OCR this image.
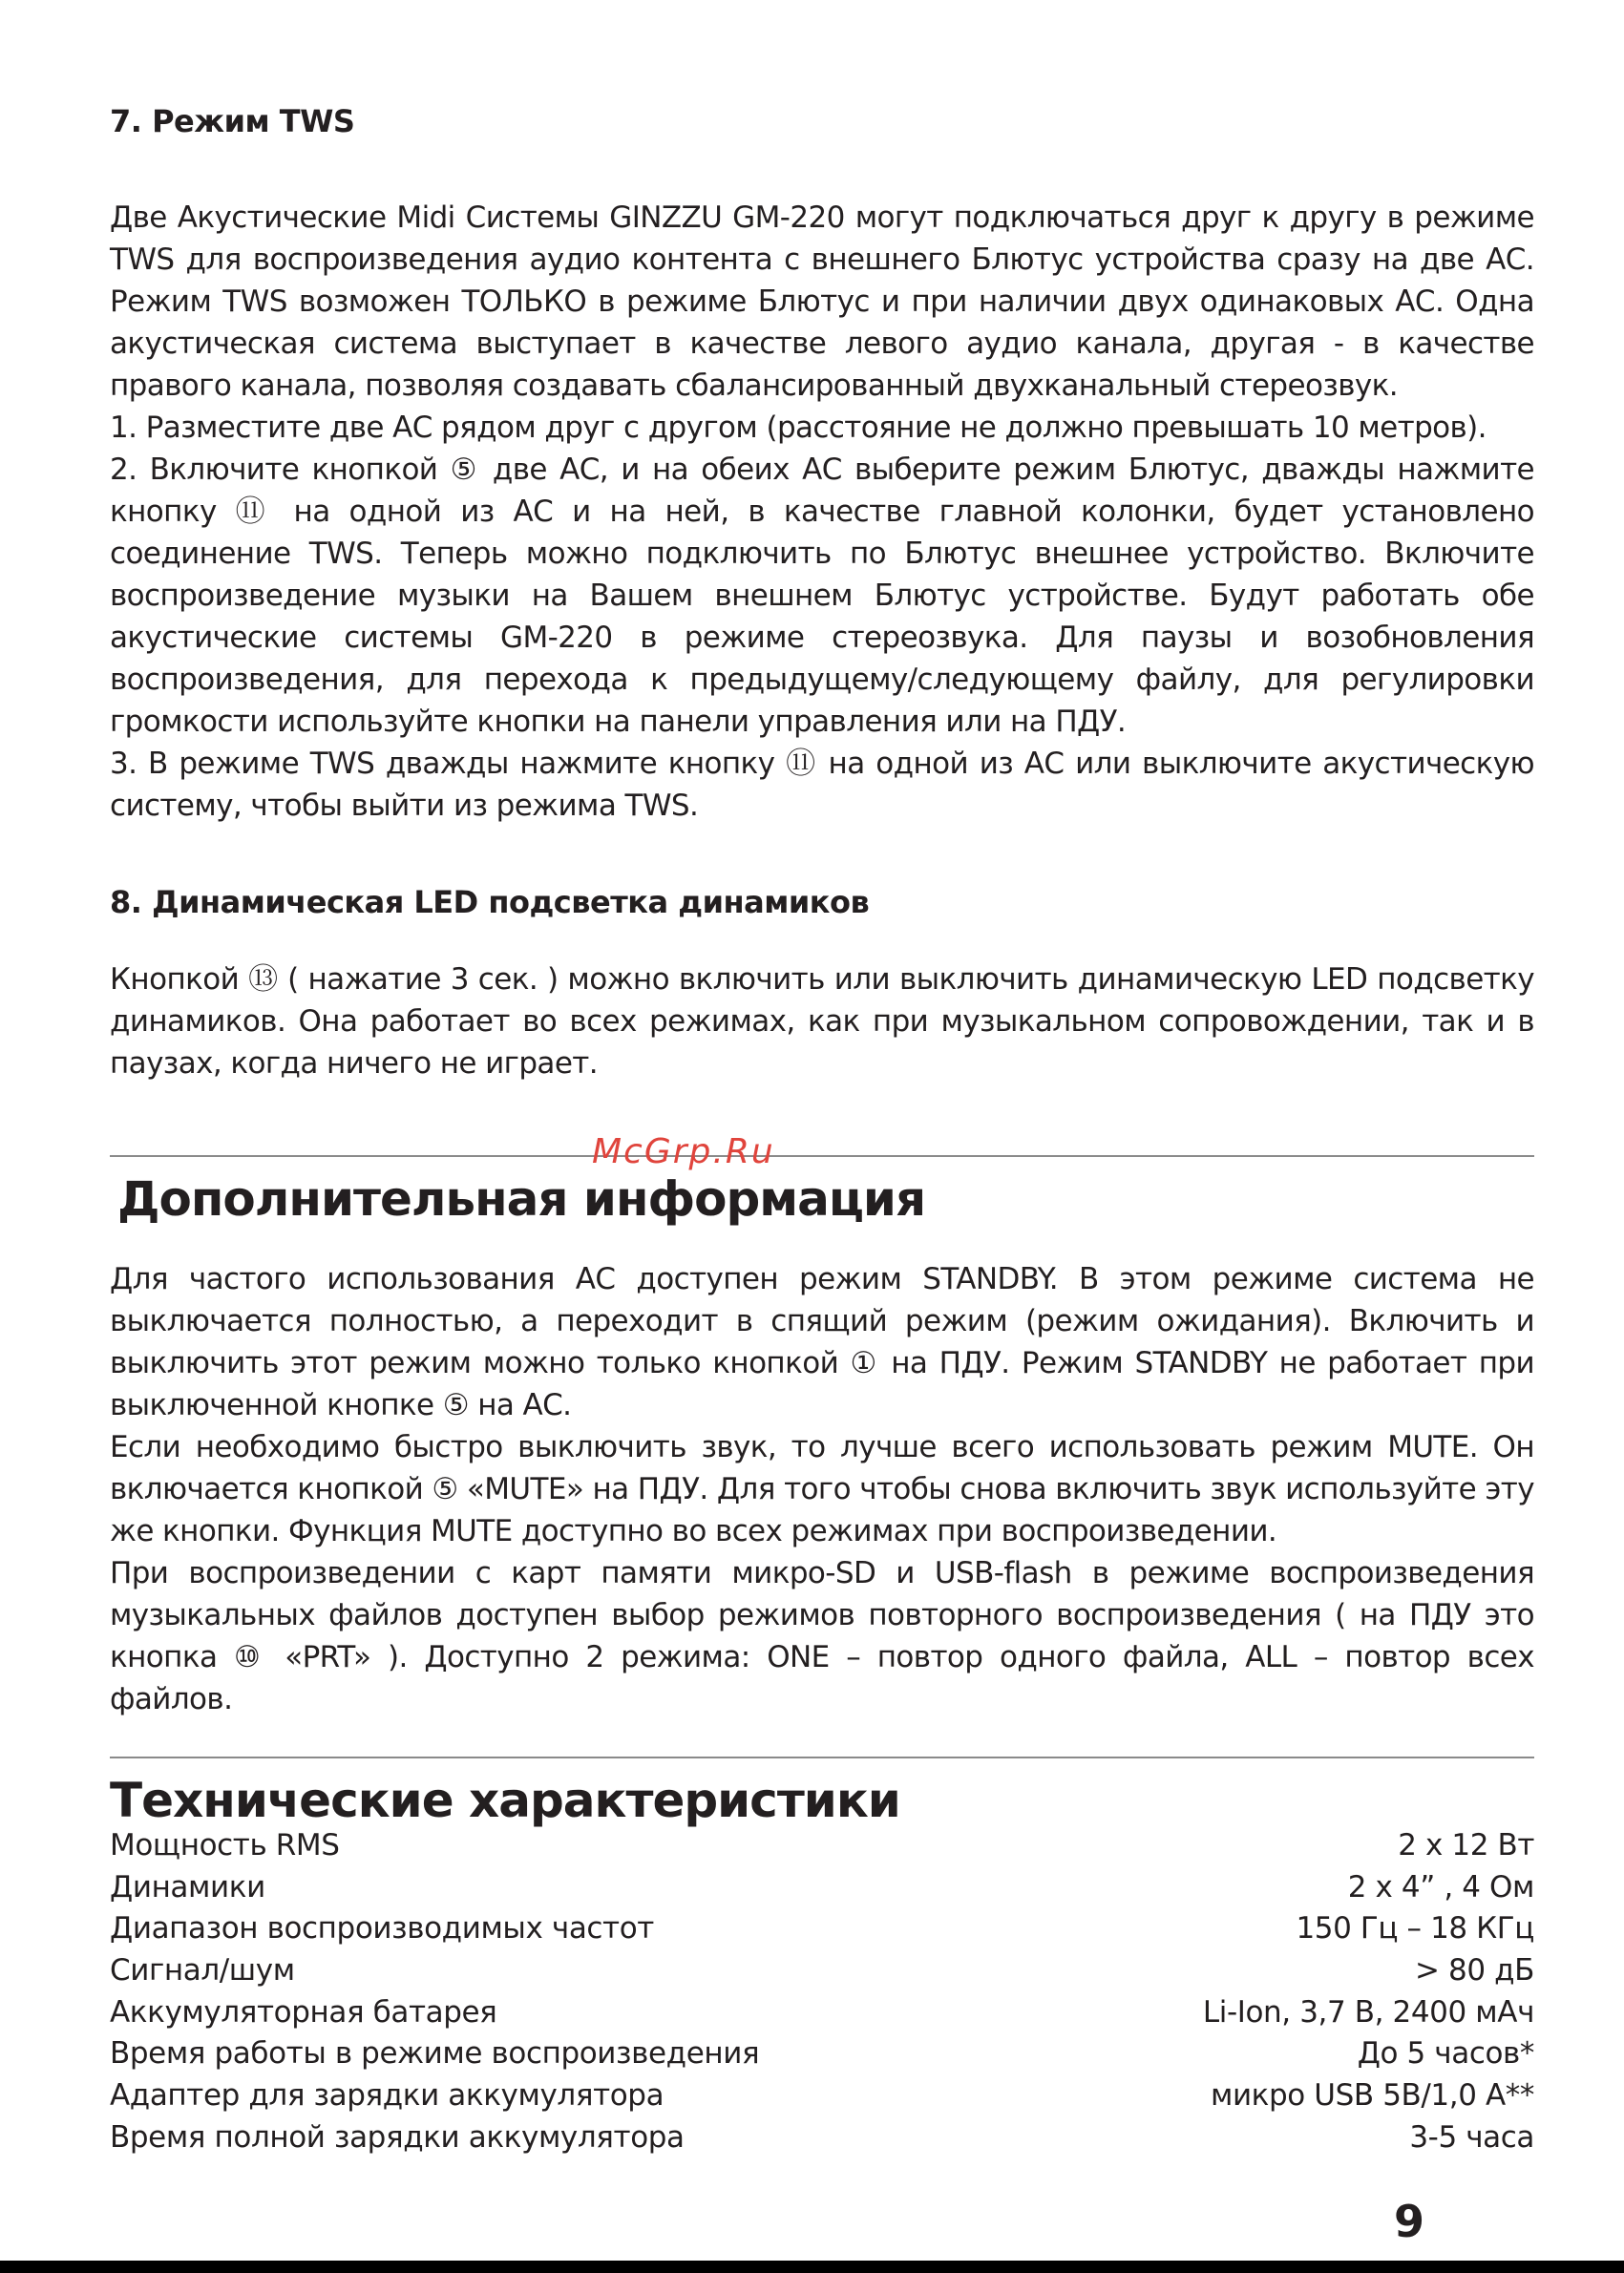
7. Режим TWS

Две Акустические Midi Системы GINZZU GM-220 могут подключаться друг к другу в режиме TWS для воспроизведения аудио контента с внешнего Блютус устройства сразу на две АС. Режим TWS возможен ТОЛЬКО в режиме Блютус и при наличии двух одинаковых АС. Одна акустическая система выступает в качестве левого аудио канала, другая - в качестве правого канала, позволяя создавать сбалансированный двухканальный стереозвук.

1. Разместите две АС рядом друг с другом (расстояние не должно превышать 10 метров).

2. Включите кнопкой ⑤ две АС, и на обеих АС выберите режим Блютус, дважды нажмите кнопку ⑪ на одной из АС и на ней, в качестве главной колонки, будет установлено соединение TWS. Теперь можно подключить по Блютус внешнее устройство. Включите воспроизведение музыки на Вашем внешнем Блютус устройстве. Будут работать обе акустические системы GM-220 в режиме стереозвука. Для паузы и возобновления воспроизведения, для перехода к предыдущему/следующему файлу, для регулировки громкости используйте кнопки на панели управления или на ПДУ.

3. В режиме TWS дважды нажмите кнопку ⑪ на одной из АС или выключите акустическую систему, чтобы выйти из режима TWS.

8. Динамическая LED подсветка динамиков

Кнопкой ⑬ ( нажатие 3 сек. ) можно включить или выключить динамическую LED подсветку динамиков. Она работает во всех режимах, как при музыкальном сопровождении, так и в паузах, когда ничего не играет.

Дополнительная информация

Для частого использования АС доступен режим STANDBY. В этом режиме система не выключается полностью, а переходит в спящий режим (режим ожидания). Включить и выключить этот режим можно только кнопкой ① на ПДУ. Режим STANDBY не работает при выключенной кнопке ⑤ на АС.

Если необходимо быстро выключить звук, то лучше всего использовать режим MUTE. Он включается кнопкой ⑤ «MUTE» на ПДУ. Для того чтобы снова включить звук используйте эту же кнопки. Функция MUTE доступно во всех режимах при воспроизведении.

При воспроизведении с карт памяти микро-SD и USB-flash в режиме воспроизведения музыкальных файлов доступен выбор режимов повторного воспроизведения ( на ПДУ это кнопка ⑩ «PRT» ). Доступно 2 режима: ONE – повтор одного файла, ALL – повтор всех файлов.

Технические характеристики
Мощность RMS	2 х 12 Вт
Динамики	2 х 4” , 4 Ом
Диапазон воспроизводимых частот	150 Гц – 18 КГц
Сигнал/шум	> 80 дБ
Аккумуляторная батарея	Li-Ion, 3,7 В, 2400 мАч
Время работы в режиме воспроизведения	До 5 часов*
Адаптер для зарядки аккумулятора	микро USB 5В/1,0 А**
Время полной зарядки аккумулятора	3-5 часа
McGrp.Ru
9
